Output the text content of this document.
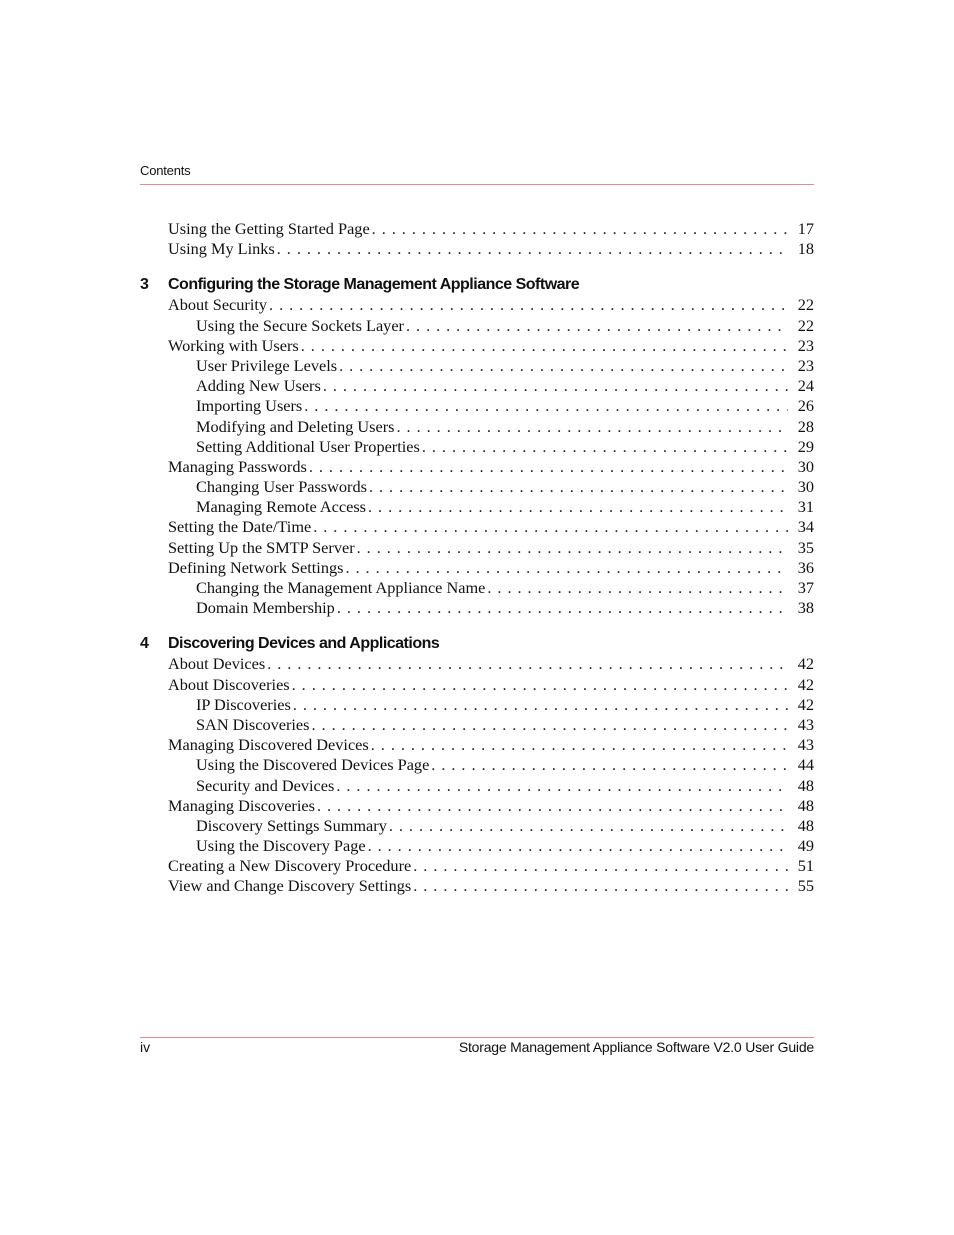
Contents
Using the Getting Started Page . . .	17
Using My Links . . .	18
3	Configuring the Storage Management Appliance Software
About Security . . .	22
Using the Secure Sockets Layer . . .	22
Working with Users . . .	23
User Privilege Levels . . .	23
Adding New Users . . .	24
Importing Users . . .	26
Modifying and Deleting Users . . .	28
Setting Additional User Properties . . .	29
Managing Passwords . . .	30
Changing User Passwords . . .	30
Managing Remote Access . . .	31
Setting the Date/Time . . .	34
Setting Up the SMTP Server . . .	35
Defining Network Settings . . .	36
Changing the Management Appliance Name . . .	37
Domain Membership . . .	38
4	Discovering Devices and Applications
About Devices . . .	42
About Discoveries . . .	42
IP Discoveries . . .	42
SAN Discoveries . . .	43
Managing Discovered Devices . . .	43
Using the Discovered Devices Page . . .	44
Security and Devices . . .	48
Managing Discoveries . . .	48
Discovery Settings Summary . . .	48
Using the Discovery Page . . .	49
Creating a New Discovery Procedure . . .	51
View and Change Discovery Settings . . .	55
iv	Storage Management Appliance Software V2.0 User Guide
